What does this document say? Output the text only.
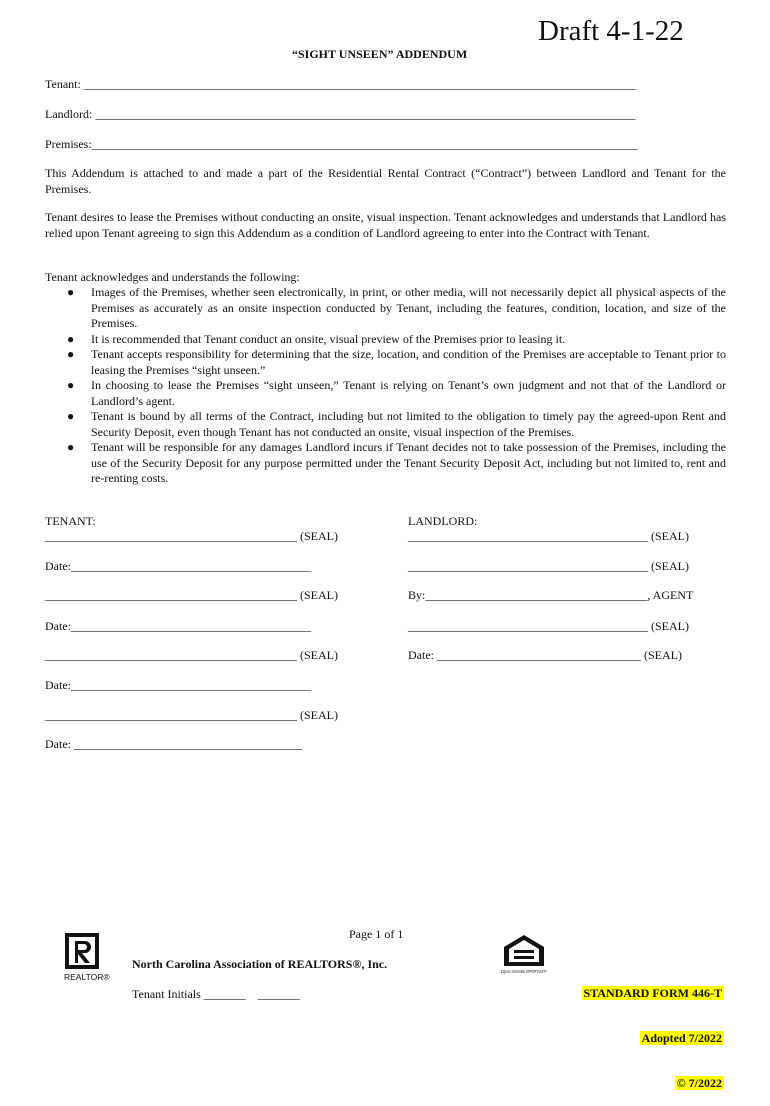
Draft 4-1-22
“SIGHT UNSEEN” ADDENDUM
Tenant: ____________________________________________________________________________________________
Landlord: __________________________________________________________________________________________
Premises:___________________________________________________________________________________________
This Addendum is attached to and made a part of the Residential Rental Contract (“Contract”) between Landlord and Tenant for the Premises.
Tenant desires to lease the Premises without conducting an onsite, visual inspection. Tenant acknowledges and understands that Landlord has relied upon Tenant agreeing to sign this Addendum as a condition of Landlord agreeing to enter into the Contract with Tenant.
Tenant acknowledges and understands the following:
● Images of the Premises, whether seen electronically, in print, or other media, will not necessarily depict all physical aspects of the Premises as accurately as an onsite inspection conducted by Tenant, including the features, condition, location, and size of the Premises.
● It is recommended that Tenant conduct an onsite, visual preview of the Premises prior to leasing it.
● Tenant accepts responsibility for determining that the size, location, and condition of the Premises are acceptable to Tenant prior to leasing the Premises “sight unseen.”
● In choosing to lease the Premises “sight unseen,” Tenant is relying on Tenant’s own judgment and not that of the Landlord or Landlord’s agent.
● Tenant is bound by all terms of the Contract, including but not limited to the obligation to timely pay the agreed-upon Rent and Security Deposit, even though Tenant has not conducted an onsite, visual inspection of the Premises.
● Tenant will be responsible for any damages Landlord incurs if Tenant decides not to take possession of the Premises, including the use of the Security Deposit for any purpose permitted under the Tenant Security Deposit Act, including but not limited to, rent and re-renting costs.
TENANT:
__________________________________________ (SEAL)
Date:________________________________________
__________________________________________ (SEAL)
Date:________________________________________
__________________________________________ (SEAL)
Date:________________________________________
__________________________________________ (SEAL)
Date: ______________________________________
LANDLORD:
________________________________________ (SEAL)
________________________________________ (SEAL)
By:_____________________________________, AGENT
________________________________________ (SEAL)
Date: __________________________________ (SEAL)
Page 1 of 1
REALTOR®
North Carolina Association of REALTORS®, Inc.
Tenant Initials _______    _______
EQUAL HOUSING OPPORTUNITY

STANDARD FORM 446-T

Adopted 7/2022

© 7/2022
